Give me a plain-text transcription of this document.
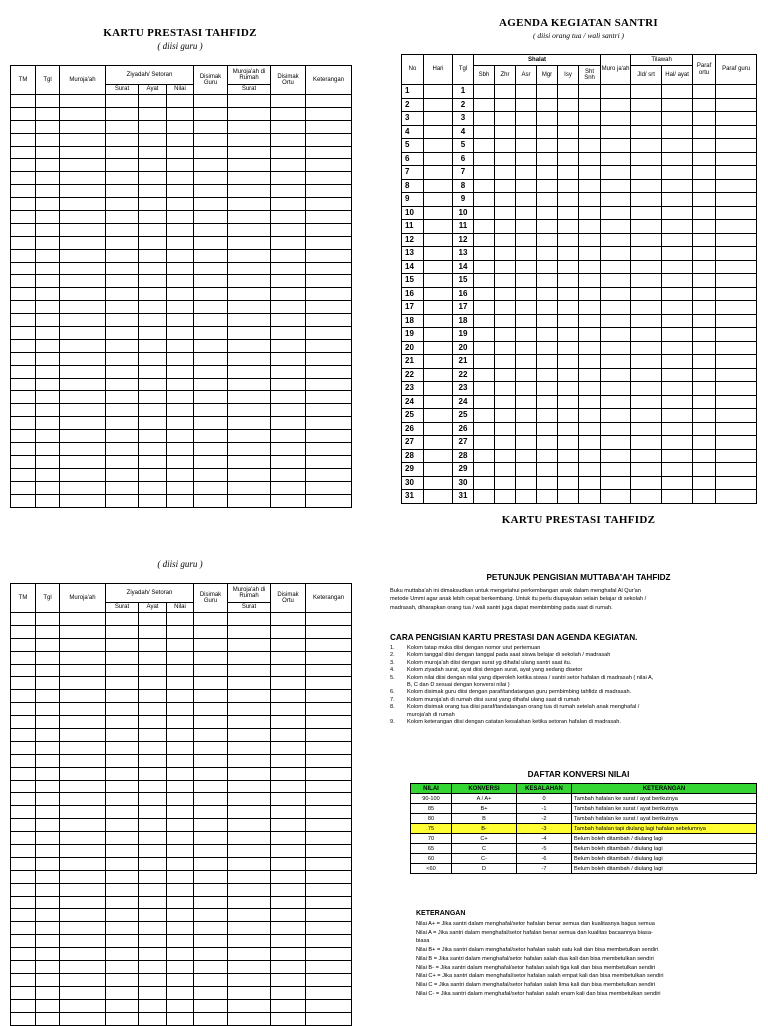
KARTU PRESTASI TAHFIDZ
( diisi guru )
TM	Tgl	Muroja'ah	Ziyadah/ Setoran			Disimak Guru	Muroja'ah di Rumah	Disimak Ortu	Keterangan
			Surat	Ayat	Nilai		Surat		

( diisi guru )
TM	Tgl	Muroja'ah	Ziyadah/ Setoran			Disimak Guru	Muroja'ah di Rumah	Disimak Ortu	Keterangan
			Surat	Ayat	Nilai		Surat		

AGENDA KEGIATAN SANTRI
( diisi orang tua / wali santri )
No	Hari	Tgl	Shalat						Muro ja'ah	Tilawah		Paraf ortu	Paraf guru
			Sbh	Zhr	Asr	Mgr	Isy	Sht Snh		Jld/ srt	Hal/ ayat		
1		1											
2		2											
3		3											
4		4											
5		5											
6		6											
7		7											
8		8											
9		9											
10		10											
11		11											
12		12											
13		13											
14		14											
15		15											
16		16											
17		17											
18		18											
19		19											
20		20											
21		21											
22		22											
23		23											
24		24											
25		25											
26		26											
27		27											
28		28											
29		29											
30		30											
31		31											
KARTU PRESTASI TAHFIDZ
PETUNJUK PENGISIAN MUTTABA'AH TAHFIDZ
Buku muttaba'ah ini dimaksudkan untuk mengetahui perkembangan anak dalam menghafal Al Qur'an
metode Ummi agar anak lebih cepat berkembang. Untuk itu perlu diupayakan selain belajar di sekolah /
madrasah, diharapkan orang tua / wali santri juga dapat membimbing pada saat di rumah.
CARA PENGISIAN KARTU PRESTASI DAN AGENDA KEGIATAN.
1. Kolom tatap muka diisi dengan nomor urut pertemuan
2. Kolom tanggal diisi dengan tanggal pada saat siswa belajar di sekolah / madrasah
3. Kolom muroja'ah diisi dengan surat yg dihafal ulang santri saat itu.
4. Kolom ziyadah surat, ayat diisi dengan surat, ayat yang sedang disetor
5. Kolom nilai diisi dengan nilai yang diperoleh ketika siswa / santri setor hafalan di madrasah ( nilai A,
B, C dan D sesuai dengan konversi nilai )
6. Kolom disimak guru diisi dengan paraf/tandatangan guru pembimbing tahfidz di madrasah.
7. Kolom muroja'ah di rumah diisi surat yang dihafal ulang saat di rumah
8. Kolom disimak orang tua diisi paraf/tandatangan orang tua di rumah setelah anak menghafal /
muroja'ah di rumah
9. Kolom keterangan diisi dengan catatan kesalahan ketika setoran hafalan di madrasah.
DAFTAR KONVERSI NILAI
NILAI	KONVERSI	KESALAHAN	KETERANGAN
90-100	A / A+	0	Tambah hafalan ke surat / ayat berikutnya
85	B+	-1	Tambah hafalan ke surat / ayat berikutnya
80	B	-2	Tambah hafalan ke surat / ayat berikutnya
75	B-	-3	Tambah hafalan tapi diulang lagi hafalan sebelumnya
70	C+	-4	Belum boleh ditambah / diulang lagi
65	C	-5	Belum boleh ditambah / diulang lagi
60	C-	-6	Belum boleh ditambah / diulang lagi
<60	D	-7	Belum boleh ditambah / diulang lagi
KETERANGAN
Nilai A+ = Jika santri dalam menghafal/setor hafalan benar semua dan kualitasnya bagus semua
Nilai A = Jika santri dalam menghafal/setor hafalan benar semua dan kualitas bacaannya biasa-
biasa
Nilai B+ = Jika santri dalam menghafal/setor hafalan salah satu kali dan bisa membetulkan sendiri
Nilai B = Jika santri dalam menghafal/setor hafalan salah dua kali dan bisa membetulkan sendiri
Nilai B- = Jika santri dalam menghafal/setor hafalan salah tiga kali dan bisa membetulkan sendiri
Nilai C+ = Jika santri dalam menghafal/setor hafalan salah empat kali dan bisa membetulkan sendiri
Nilai C = Jika santri dalam menghafal/setor hafalan salah lima kali dan bisa membetulkan sendiri
Nilai C- = Jika santri dalam menghafal/setor hafalan salah enam kali dan bisa membetulkan sendiri
